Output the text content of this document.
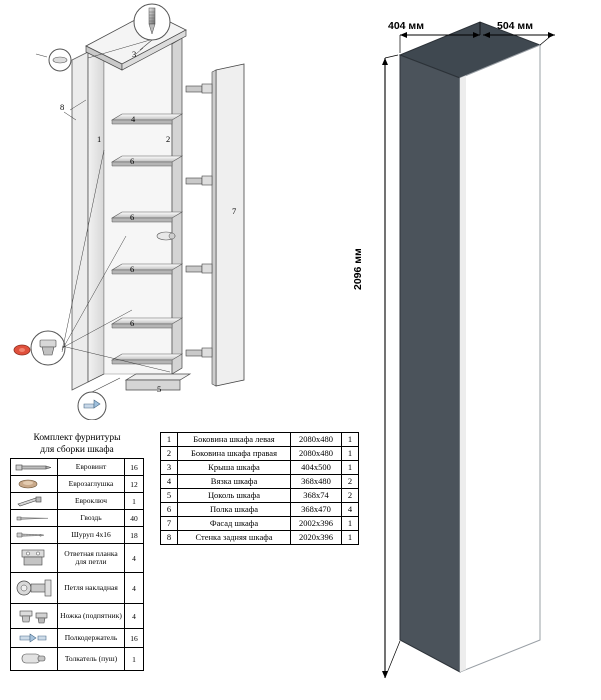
1	2
3
4
5
6
6
6
6
7
8
1	Боковина шкафа левая	2080x480	1
2	Боковина шкафа правая	2080x480	1
3	Крыша шкафа	404x500	1
4	Вязка шкафа	368x480	2
5	Цоколь шкафа	368x74	2
6	Полка шкафа	368x470	4
7	Фасад шкафа	2002x396	1
8	Стенка задняя шкафа	2020x396	1
Комплект фурнитуры
для сборки шкафа
	Евровинт	16

	Еврозаглушка	12

	Евроключ	1

	Гвоздь	40

	Шуруп 4х16	18

	Ответная планка для петли	4

	Петля накладная	4

	Ножка (подпятник)	4

	Полкодержатель	16

	Толкатель (пуш)	1
404 мм	504 мм
2096 мм
